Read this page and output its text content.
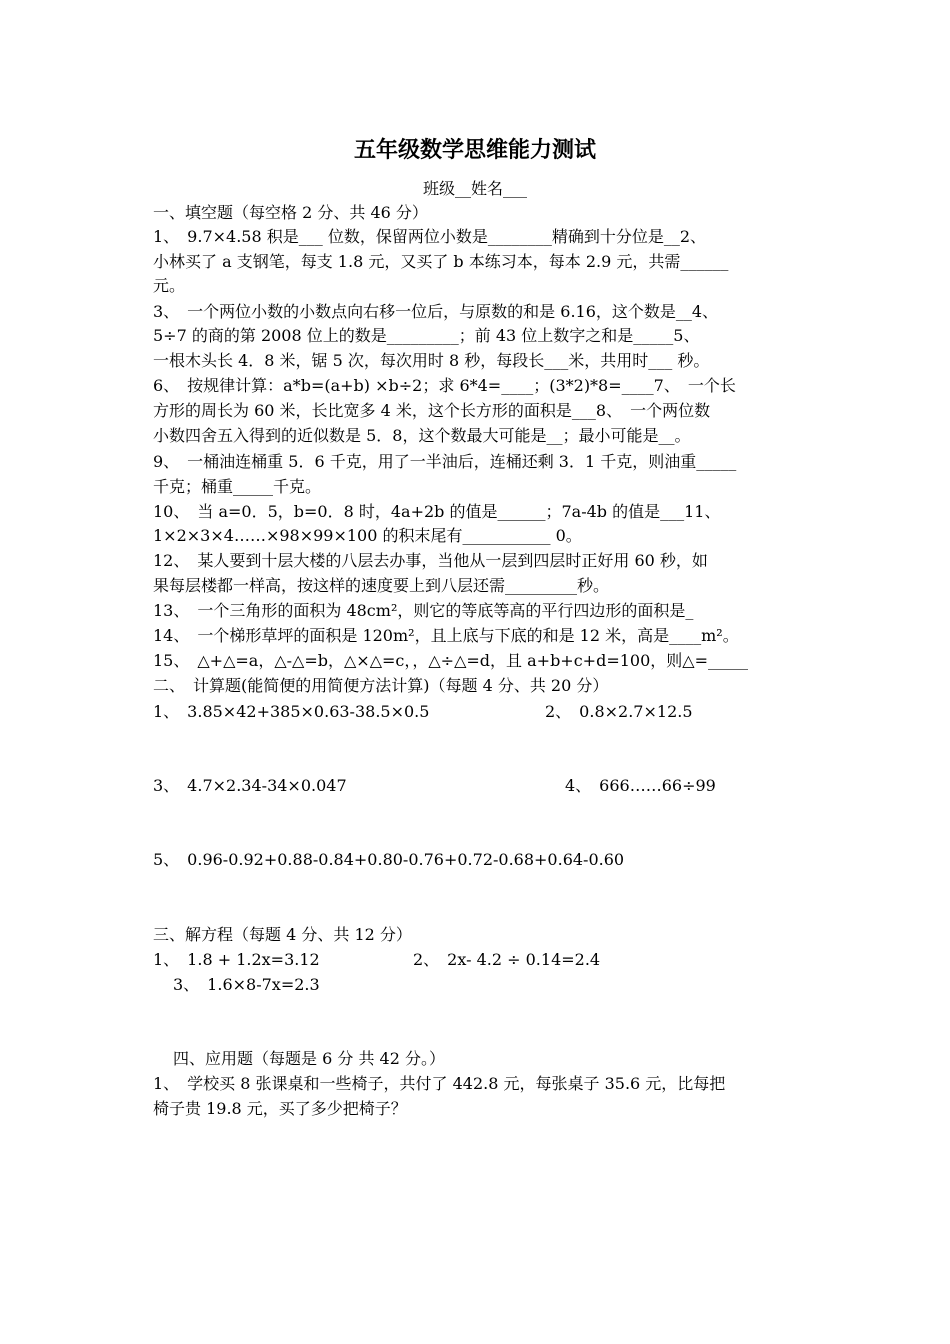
五年级数学思维能力测试
班级__姓名___
一、填空题（每空格 2 分、共 46 分）
1、　9.7×4.58 积是___ 位数，保留两位小数是________精确到十分位是__2、
小林买了 a 支钢笔，每支 1.8 元，又买了 b 本练习本，每本 2.9 元，共需______
元。
3、　一个两位小数的小数点向右移一位后，与原数的和是 6.16，这个数是__4、
5÷7 的商的第 2008 位上的数是_________；前 43 位上数字之和是_____5、
一根木头长 4．8 米，锯 5 次，每次用时 8 秒，每段长___米，共用时___ 秒。
6、　按规律计算：a*b=(a+b) ×b÷2；求 6*4=____；(3*2)*8=____7、　一个长
方形的周长为 60 米，长比宽多 4 米，这个长方形的面积是___8、　一个两位数
小数四舍五入得到的近似数是 5．8，这个数最大可能是__；最小可能是__。
9、　一桶油连桶重 5．6 千克，用了一半油后，连桶还剩 3．1 千克，则油重_____
千克；桶重_____千克。
10、　当 a=0．5，b=0．8 时，4a+2b 的值是______；7a-4b 的值是___11、
1×2×3×4……×98×99×100 的积末尾有___________ 0。
12、　某人要到十层大楼的八层去办事，当他从一层到四层时正好用 60 秒，如
果每层楼都一样高，按这样的速度要上到八层还需_________秒。
13、　一个三角形的面积为 48cm²，则它的等底等高的平行四边形的面积是_
14、　一个梯形草坪的面积是 120m²，且上底与下底的和是 12 米，高是____m²。
15、　△+△=a，△-△=b，△×△=c，，△÷△=d，且 a+b+c+d=100，则△=_____
二、　计算题(能简便的用简便方法计算)（每题 4 分、共 20 分）
1、　3.85×42+385×0.63-38.5×0.5	2、　0.8×2.7×12.5
3、　4.7×2.34-34×0.047	4、　666……66÷99
5、　0.96-0.92+0.88-0.84+0.80-0.76+0.72-0.68+0.64-0.60
三、解方程（每题 4 分、共 12 分）
1、　1.8 + 1.2x=3.12	2、　2x- 4.2 ÷ 0.14=2.4
3、　1.6×8-7x=2.3
四、应用题（每题是 6 分 共 42 分。）
1、　学校买 8 张课桌和一些椅子，共付了 442.8 元，每张桌子 35.6 元，比每把
椅子贵 19.8 元，买了多少把椅子？
